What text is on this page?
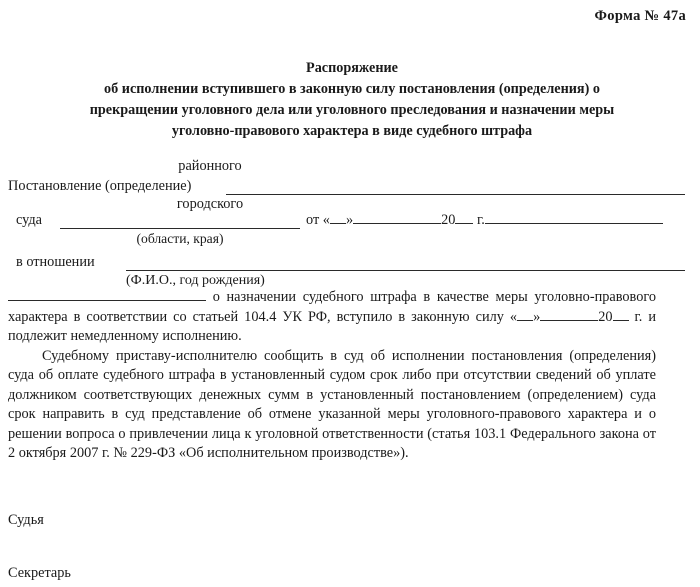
Форма № 47а
Распоряжение
об исполнении вступившего в законную силу постановления (определения) о
прекращении уголовного дела или уголовного преследования и назначении меры
уголовно-правового характера в виде судебного штрафа
районного
Постановление (определение)
городского
суда	от « »	20 г.
(области, края)
в отношении
(Ф.И.О., год рождения)

о назначении судебного штрафа в качестве меры уголовно-правового характера в соответствии со статьей 104.4 УК РФ, вступило в законную силу « »	20 г. и подлежит немедленному исполнению.

Судебному приставу-исполнителю сообщить в суд об исполнении постановления (определения) суда об оплате судебного штрафа в установленный судом срок либо при отсутствии сведений об уплате должником соответствующих денежных сумм в установленный постановлением (определением) суда срок направить в суд представление об отмене указанной меры уголовного-правового характера и о решении вопроса о привлечении лица к уголовной ответственности (статья 103.1 Федерального закона от 2 октября 2007 г. № 229-ФЗ «Об исполнительном производстве»).

Судья
Секретарь
